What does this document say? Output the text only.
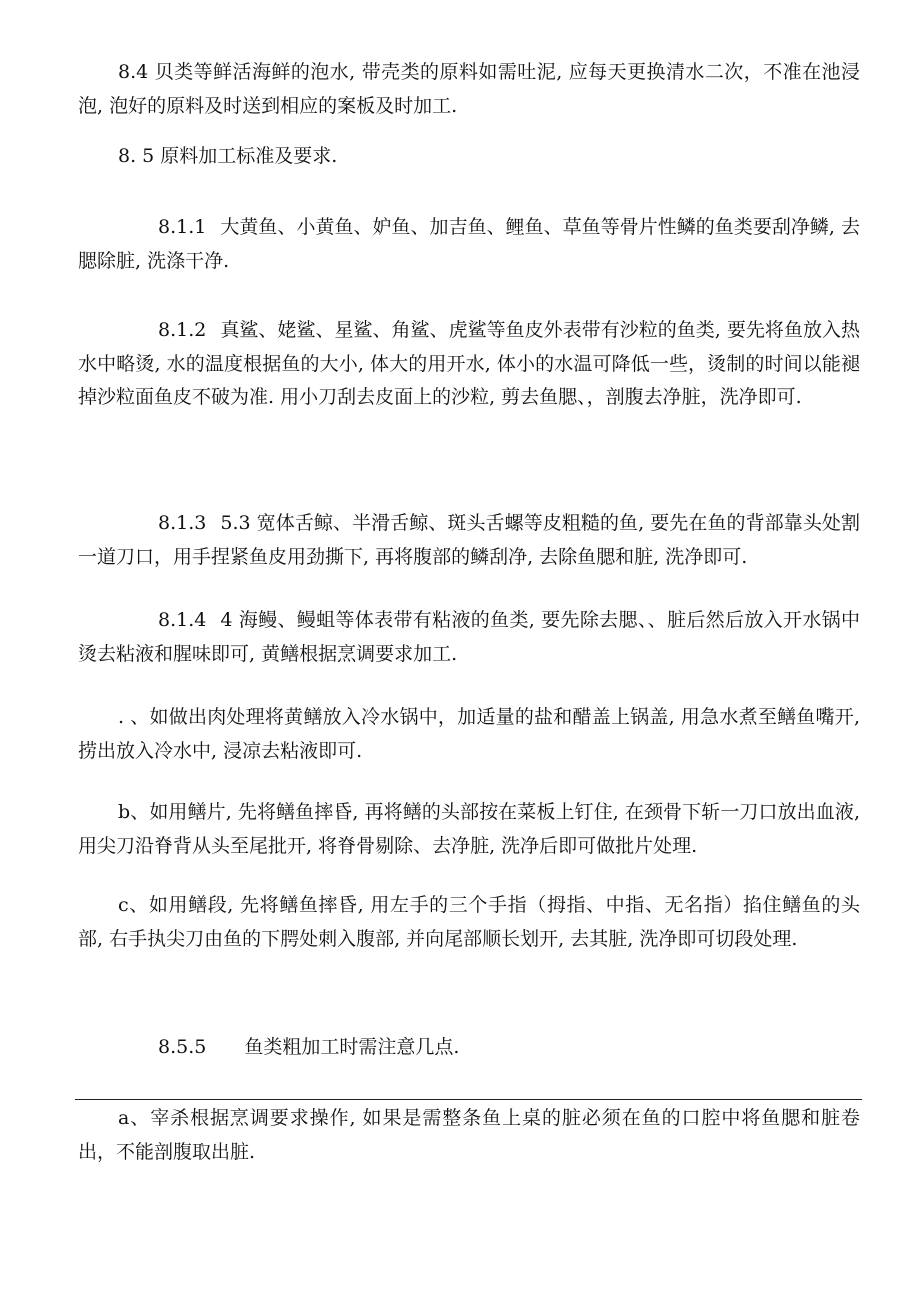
8.4 贝类等鲜活海鲜的泡水, 带壳类的原料如需吐泥, 应每天更换清水二次，不准在池浸泡, 泡好的原料及时送到相应的案板及时加工.

8. 5 原料加工标准及要求.

8.1.1 大黄鱼、小黄鱼、妒鱼、加吉鱼、鲤鱼、草鱼等骨片性鳞的鱼类要刮净鳞, 去腮除脏, 洗涤干净.

8.1.2 真鲨、姥鲨、星鲨、角鲨、虎鲨等鱼皮外表带有沙粒的鱼类, 要先将鱼放入热水中略烫, 水的温度根据鱼的大小, 体大的用开水, 体小的水温可降低一些，烫制的时间以能褪掉沙粒面鱼皮不破为准. 用小刀刮去皮面上的沙粒, 剪去鱼腮、，剖腹去净脏，洗净即可.

8.1.3 5.3 宽体舌鲸、半滑舌鲸、斑头舌螺等皮粗糙的鱼, 要先在鱼的背部靠头处割一道刀口，用手捏紧鱼皮用劲撕下, 再将腹部的鳞刮净, 去除鱼腮和脏, 洗净即可.

8.1.4 4 海鳗、鳗蛆等体表带有粘液的鱼类, 要先除去腮、、脏后然后放入开水锅中烫去粘液和腥味即可, 黄鳝根据烹调要求加工.

. 、如做出肉处理将黄鳝放入冷水锅中，加适量的盐和醋盖上锅盖, 用急水煮至鳝鱼嘴开, 捞出放入冷水中, 浸凉去粘液即可.

b、如用鳝片, 先将鳝鱼摔昏, 再将鳝的头部按在菜板上钉住, 在颈骨下斩一刀口放出血液, 用尖刀沿脊背从头至尾批开, 将脊骨剔除、去净脏, 洗净后即可做批片处理.

c、如用鳝段, 先将鳝鱼摔昏, 用左手的三个手指（拇指、中指、无名指）掐住鳝鱼的头部, 右手执尖刀由鱼的下腭处刺入腹部, 并向尾部顺长划开, 去其脏, 洗净即可切段处理.

8.5.5 鱼类粗加工时需注意几点.

a、宰杀根据烹调要求操作, 如果是需整条鱼上桌的脏必须在鱼的口腔中将鱼腮和脏卷出，不能剖腹取出脏.
